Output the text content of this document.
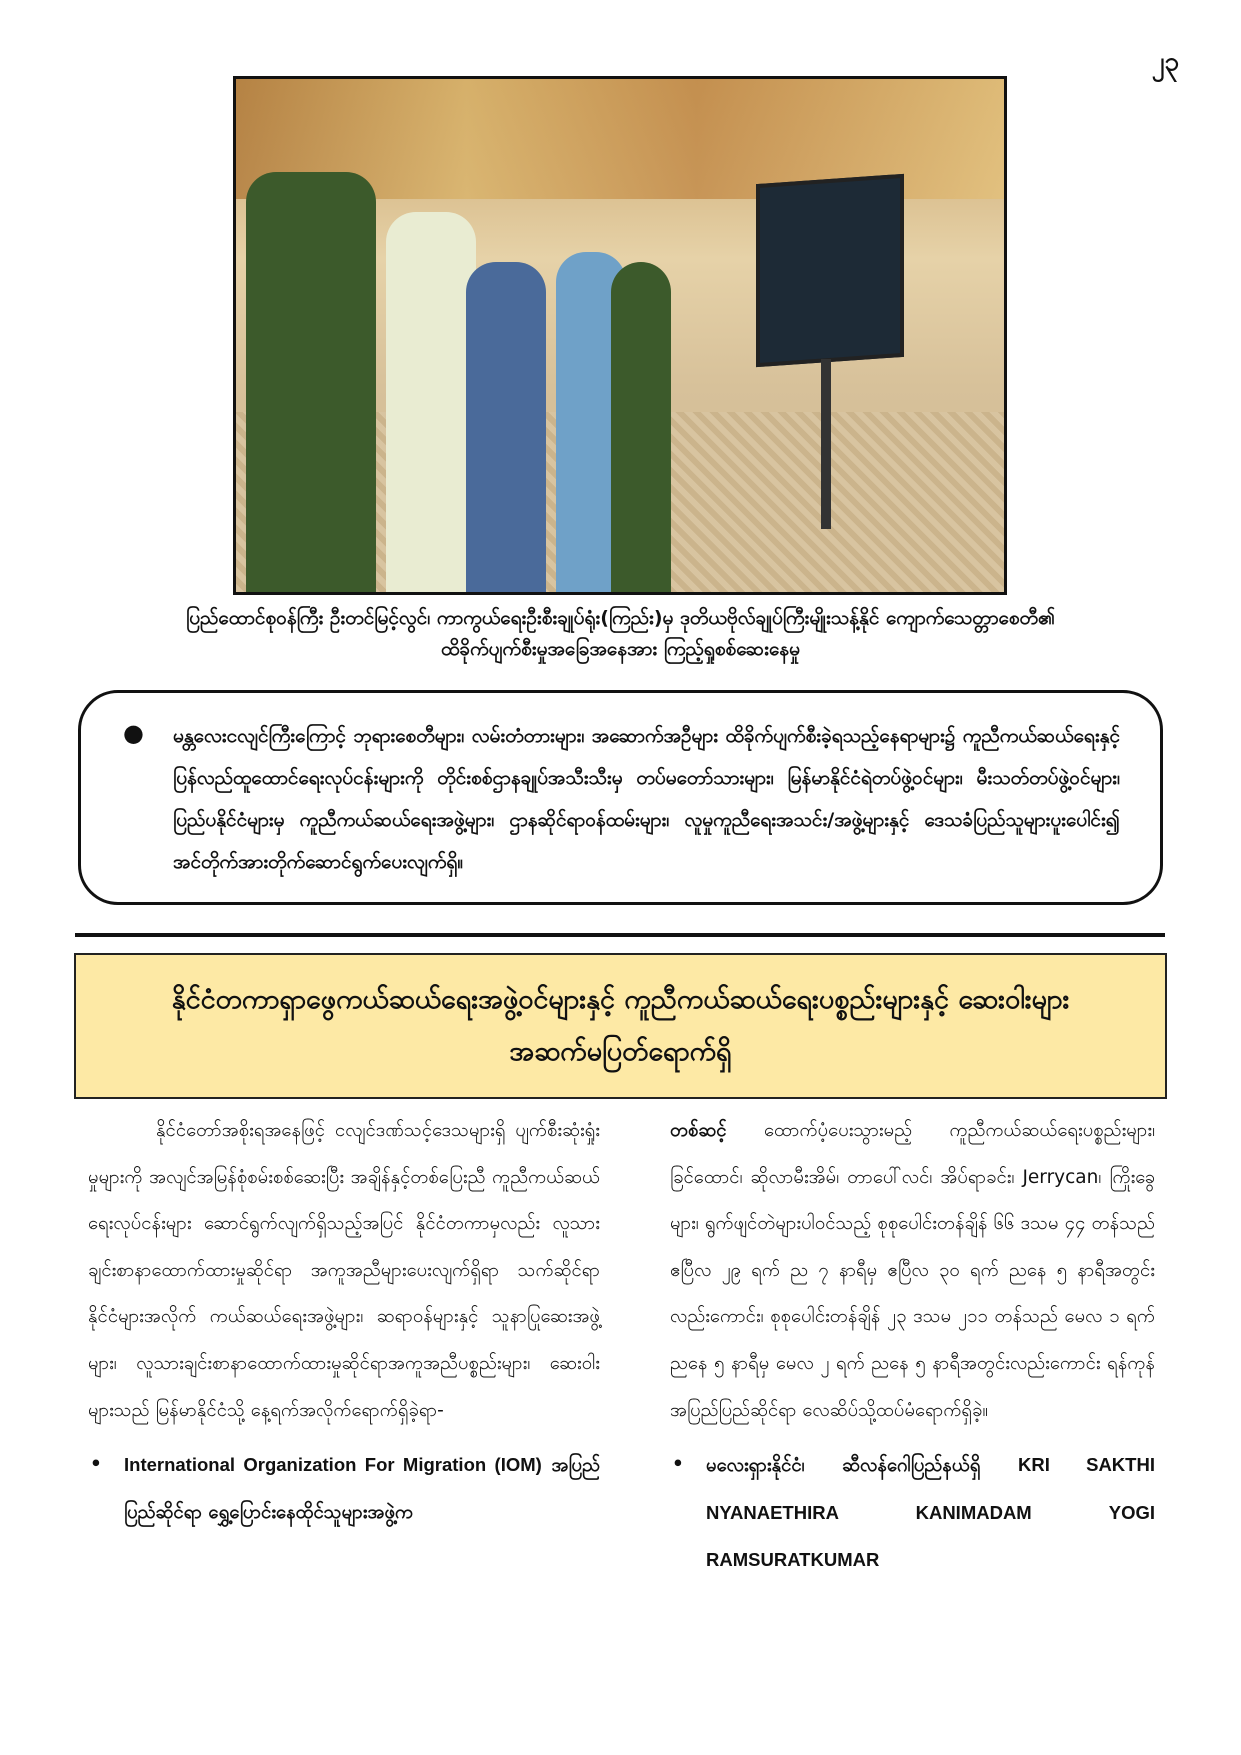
၂၃
ပြည်ထောင်စုဝန်ကြီး ဦးတင်မြင့်လွင်၊ ကာကွယ်ရေးဦးစီးချုပ်ရုံး(ကြည်း)မှ ဒုတိယဗိုလ်ချုပ်ကြီးမျိုးသန့်နိုင် ကျောက်သေတ္တာစေတီ၏
ထိခိုက်ပျက်စီးမှုအခြေအနေအား ကြည့်ရှုစစ်ဆေးနေမှု
● မန္တလေးငလျင်ကြီးကြောင့် ဘုရားစေတီများ၊ လမ်းတံတားများ၊ အဆောက်အဦများ ထိခိုက်ပျက်စီးခဲ့ရသည့်နေရာများ၌ ကူညီကယ်ဆယ်ရေးနှင့် ပြန်လည်ထူထောင်ရေးလုပ်ငန်းများကို တိုင်းစစ်ဌာနချုပ်အသီးသီးမှ တပ်မတော်သားများ၊ မြန်မာနိုင်ငံရဲတပ်ဖွဲ့ဝင်များ၊ မီးသတ်တပ်ဖွဲ့ဝင်များ၊ ပြည်ပနိုင်ငံများမှ ကူညီကယ်ဆယ်ရေးအဖွဲ့များ၊ ဌာနဆိုင်ရာဝန်ထမ်းများ၊ လူမှုကူညီရေးအသင်း/အဖွဲ့များနှင့် ဒေသခံပြည်သူများပူးပေါင်း၍ အင်တိုက်အားတိုက်ဆောင်ရွက်ပေးလျက်ရှိ။

နိုင်ငံတကာရှာဖွေကယ်ဆယ်ရေးအဖွဲ့ဝင်များနှင့် ကူညီကယ်ဆယ်ရေးပစ္စည်းများနှင့် ဆေးဝါးများ အဆက်မပြတ်ရောက်ရှိ

နိုင်ငံတော်အစိုးရအနေဖြင့် ငလျင်ဒဏ်သင့်ဒေသများရှိ ပျက်စီးဆုံးရှုံးမှုများကို အလျင်အမြန်စုံစမ်းစစ်ဆေးပြီး အချိန်နှင့်တစ်ပြေးညီ ကူညီကယ်ဆယ်ရေးလုပ်ငန်းများ ဆောင်ရွက်လျက်ရှိသည့်အပြင် နိုင်ငံတကာမှလည်း လူသားချင်းစာနာထောက်ထားမှုဆိုင်ရာ အကူအညီများပေးလျက်ရှိရာ သက်ဆိုင်ရာနိုင်ငံများအလိုက် ကယ်ဆယ်ရေးအဖွဲ့များ၊ ဆရာဝန်များနှင့် သူနာပြုဆေးအဖွဲ့များ၊ လူသားချင်းစာနာထောက်ထားမှုဆိုင်ရာအကူအညီပစ္စည်းများ၊ ဆေးဝါးများသည် မြန်မာနိုင်ငံသို့ နေ့ရက်အလိုက်ရောက်ရှိခဲ့ရာ-

• International Organization For Migration (IOM) အပြည်ပြည်ဆိုင်ရာ ရွှေ့ပြောင်းနေထိုင်သူများအဖွဲ့က

တစ်ဆင့် ထောက်ပံ့ပေးသွားမည့် ကူညီကယ်ဆယ်ရေးပစ္စည်းများ၊ ခြင်ထောင်၊ ဆိုလာမီးအိမ်၊ တာပေါ်လင်၊ အိပ်ရာခင်း၊ Jerrycan၊ ကြိုးခွေများ၊ ရွက်ဖျင်တဲများပါဝင်သည့် စုစုပေါင်းတန်ချိန် ၆၆ ဒသမ ၄၄ တန်သည် ဧပြီလ ၂၉ ရက် ည ၇ နာရီမှ ဧပြီလ ၃၀ ရက် ညနေ ၅ နာရီအတွင်းလည်းကောင်း၊ စုစုပေါင်းတန်ချိန် ၂၃ ဒသမ ၂၁၁ တန်သည် မေလ ၁ ရက် ညနေ ၅ နာရီမှ မေလ ၂ ရက် ညနေ ၅ နာရီအတွင်းလည်းကောင်း ရန်ကုန်အပြည်ပြည်ဆိုင်ရာ လေဆိပ်သို့ထပ်မံရောက်ရှိခဲ့။

• မလေးရှားနိုင်ငံ၊ ဆီလန်ဂေါပြည်နယ်ရှိ KRI SAKTHI NYANAETHIRA KANIMADAM YOGI RAMSURATKUMAR
